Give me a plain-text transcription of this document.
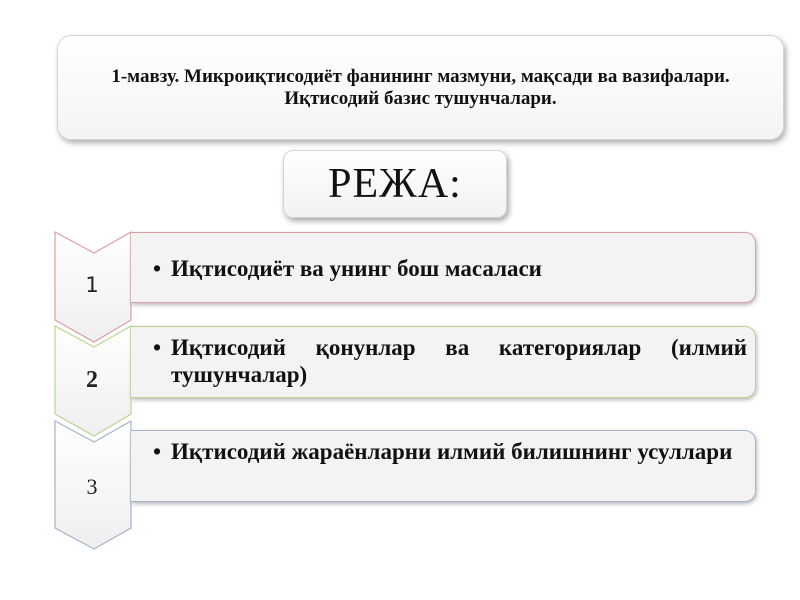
1-мавзу. Микроиқтисодиёт фанининг мазмуни, мақсади ва вазифалари. Иқтисодий базис тушунчалари.
РЕЖА:
1
2
3
• Иқтисодиёт ва унинг бош масаласи
• Иқтисодий қонунлар ва категориялар (илмий тушунчалар)
• Иқтисодий жараёнларни илмий билишнинг усуллари
